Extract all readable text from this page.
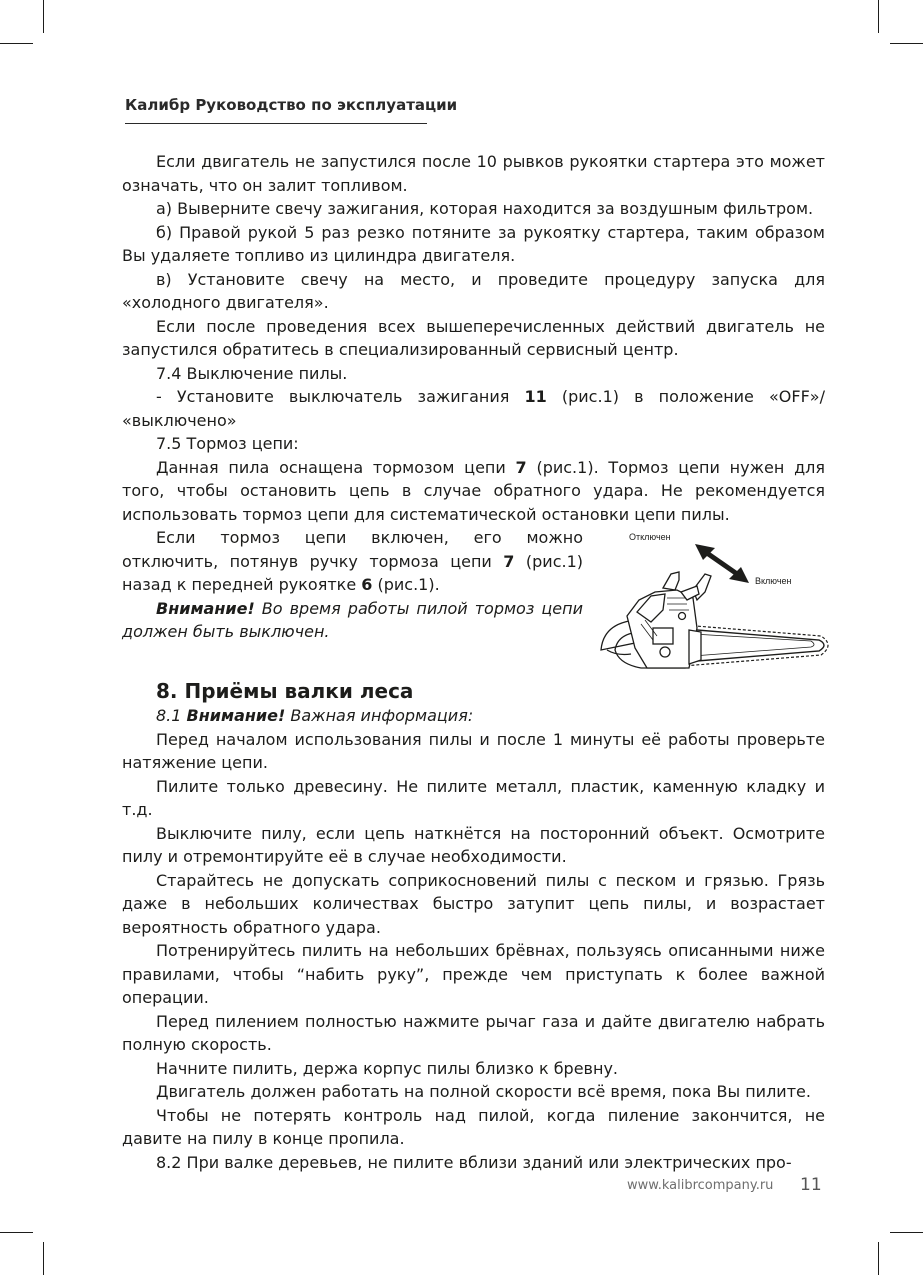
Калибр Руководство по эксплуатации

Если двигатель не запустился после 10 рывков рукоятки стартера это может означать, что он залит топливом.

а) Выверните свечу зажигания, которая находится за воздушным фильтром.

б) Правой рукой 5 раз резко потяните за рукоятку стартера, таким образом Вы удаляете топливо из цилиндра двигателя.

в) Установите свечу на место, и проведите процедуру запуска для «холодного двигателя».

Если после проведения всех вышеперечисленных действий двигатель не запустился обратитесь в специализированный сервисный центр.

7.4 Выключение пилы.

- Установите выключатель зажигания 11 (рис.1) в положение «OFF»/ «выключено»

7.5 Тормоз цепи:

Данная пила оснащена тормозом цепи 7 (рис.1). Тормоз цепи нужен для того, чтобы остановить цепь в случае обратного удара. Не рекомендуется использовать тормоз цепи для систематической остановки цепи пилы.

Отключен
Включен

Если тормоз цепи включен, его можно отключить, потянув ручку тормоза цепи 7 (рис.1) назад к передней рукоятке 6 (рис.1).

Внимание! Во время работы пилой тормоз цепи должен быть выключен.

8. Приёмы валки леса

8.1 Внимание! Важная информация:

Перед началом использования пилы и после 1 минуты её работы проверьте натяжение цепи.

Пилите только древесину. Не пилите металл, пластик, каменную кладку и т.д.

Выключите пилу, если цепь наткнётся на посторонний объект. Осмотрите пилу и отремонтируйте её в случае необходимости.

Старайтесь не допускать соприкосновений пилы с песком и грязью. Грязь даже в небольших количествах быстро затупит цепь пилы, и возрастает вероятность обратного удара.

Потренируйтесь пилить на небольших брёвнах, пользуясь описанными ниже правилами, чтобы “набить руку”, прежде чем приступать к более важной операции.

Перед пилением полностью нажмите рычаг газа и дайте двигателю набрать полную скорость.

Начните пилить, держа корпус пилы близко к бревну.

Двигатель должен работать на полной скорости всё время, пока Вы пилите.

Чтобы не потерять контроль над пилой, когда пиление закончится, не давите на пилу в конце пропила.

8.2 При валке деревьев, не пилите вблизи зданий или электрических про-

www.kalibrcompany.ru 11
